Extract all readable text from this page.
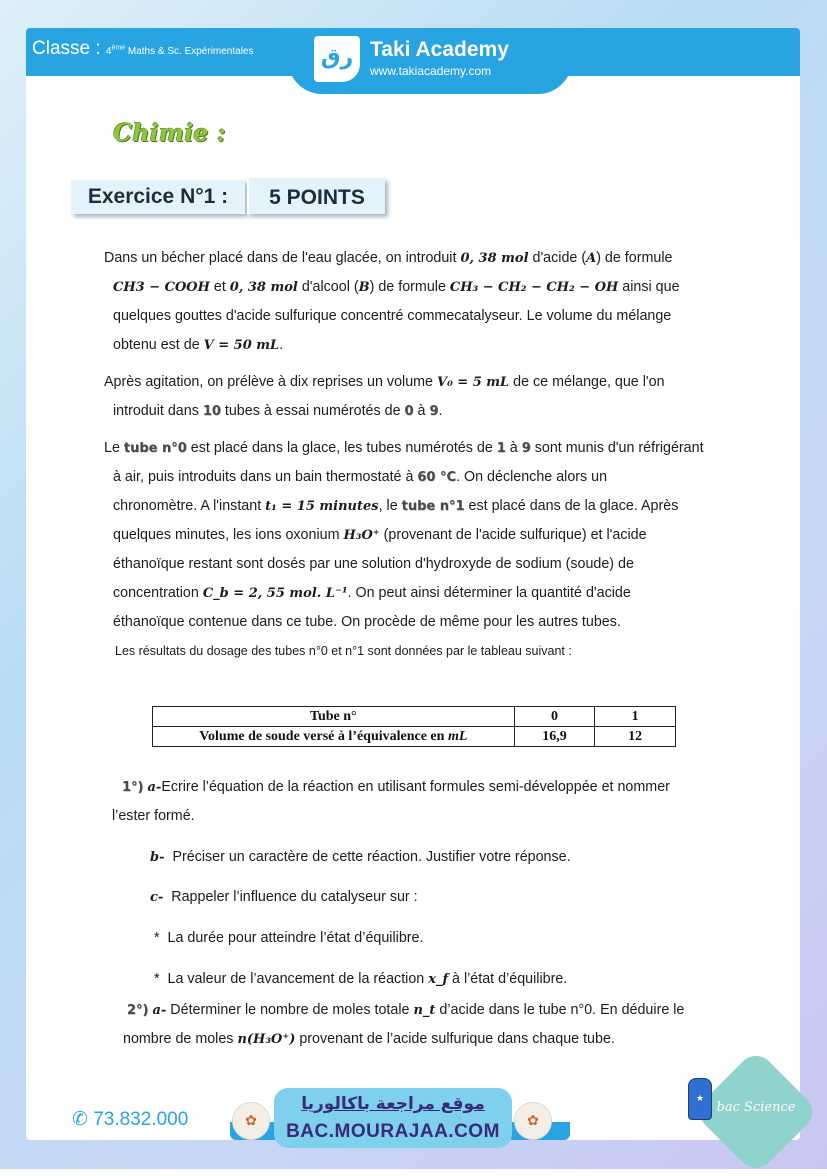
Classe : 4ème Maths & Sc. Expérimentales	رق Taki Academy
www.takiacademy.com
Chimie :
Exercice N°1 :	5 POINTS

Dans un bécher placé dans de l'eau glacée, on introduit 0, 38 mol d'acide (A) de formule

CH3 − COOH et 0, 38 mol d'alcool (B) de formule CH₃ − CH₂ − CH₂ − OH ainsi que

quelques gouttes d'acide sulfurique concentré commecatalyseur. Le volume du mélange

obtenu est de V = 50 mL.

Après agitation, on prélève à dix reprises un volume V₀ = 5 mL de ce mélange, que l'on

introduit dans 10 tubes à essai numérotés de 0 à 9.

Le tube n°0 est placé dans la glace, les tubes numérotés de 1 à 9 sont munis d'un réfrigérant

à air, puis introduits dans un bain thermostaté à 60 °C. On déclenche alors un

chronomètre. A l'instant t₁ = 15 minutes, le tube n°1 est placé dans de la glace. Après

quelques minutes, les ions oxonium H₃O⁺ (provenant de l'acide sulfurique) et l'acide

éthanoïque restant sont dosés par une solution d'hydroxyde de sodium (soude) de

concentration C_b = 2, 55 mol. L⁻¹. On peut ainsi déterminer la quantité d'acide

éthanoïque contenue dans ce tube. On procède de même pour les autres tubes.

Les résultats du dosage des tubes n°0 et n°1 sont données par le tableau suivant :

Tube n°	0	1
Volume de soude versé à l’équivalence en mL	16,9	12
1°) a-Ecrire l’équation de la réaction en utilisant formules semi-développée et nommer
l’ester formé.
b- Préciser un caractère de cette réaction. Justifier votre réponse.
c- Rappeler l’influence du catalyseur sur :
* La durée pour atteindre l’état d’équilibre.
* La valeur de l’avancement de la réaction x_f à l’état d’équilibre.
2°) a- Déterminer le nombre de moles totale n_t d’acide dans le tube n°0. En déduire le
nombre de moles n(H₃O⁺) provenant de l’acide sulfurique dans chaque tube.
✆ 73.832.000	✿	✿
موقع مراجعة باكالوريا
BAC.MOURAJAA.COM
bac Science
★
